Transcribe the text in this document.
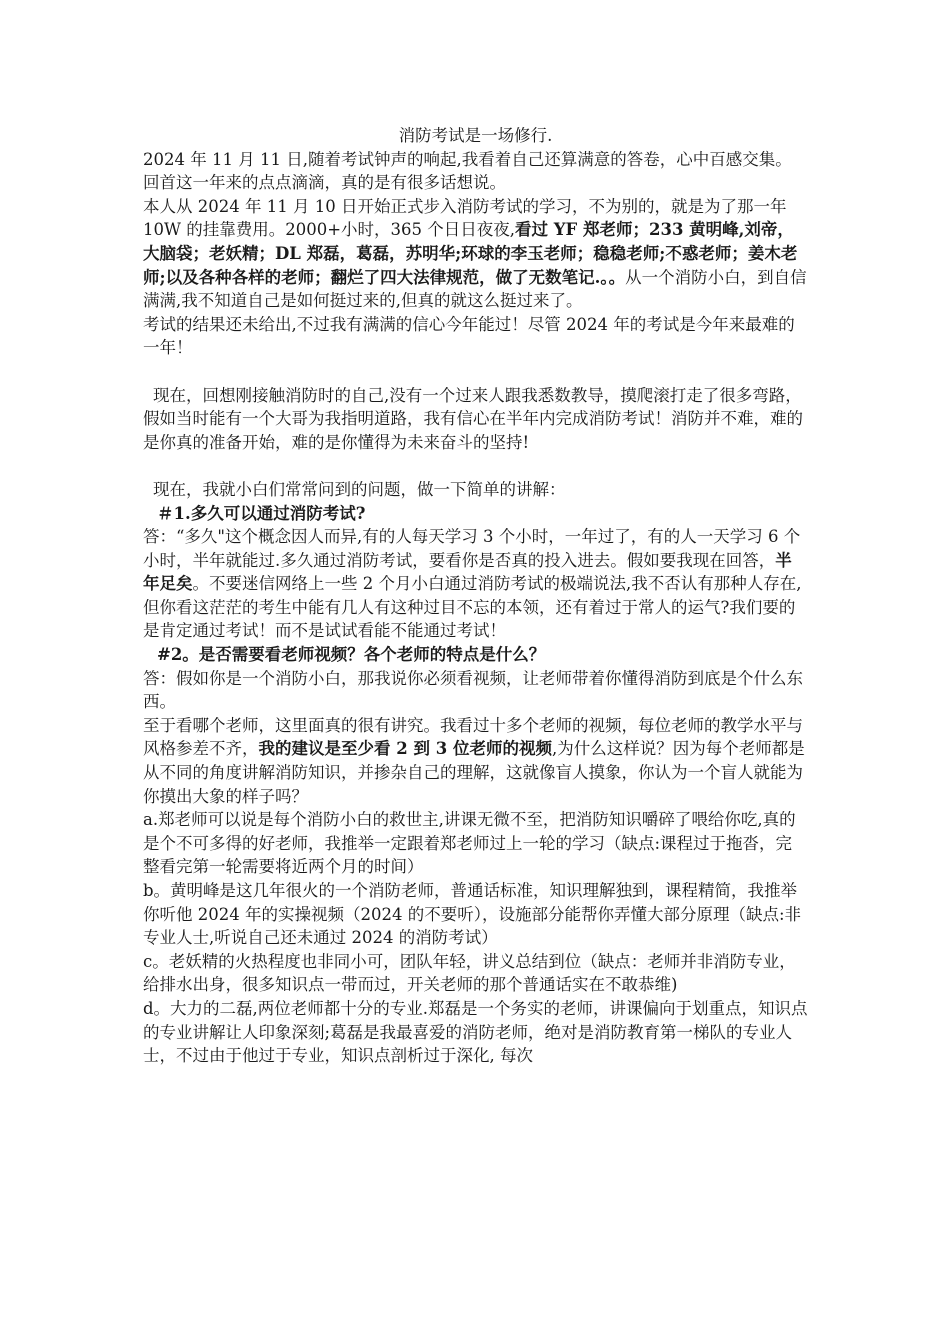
消防考试是一场修行.

2024 年 11 月 11 日,随着考试钟声的响起,我看着自己还算满意的答卷，心中百感交集。回首这一年来的点点滴滴，真的是有很多话想说。

本人从 2024 年 11 月 10 日开始正式步入消防考试的学习，不为别的，就是为了那一年 10W 的挂靠费用。2000+小时，365 个日日夜夜,看过 YF 郑老师；233 黄明峰,刘帝，大脑袋；老妖精；DL 郑磊，葛磊，苏明华;环球的李玉老师；稳稳老师;不惑老师；姜木老师;以及各种各样的老师；翻烂了四大法律规范，做了无数笔记.。。从一个消防小白，到自信满满,我不知道自己是如何挺过来的,但真的就这么挺过来了。

考试的结果还未给出,不过我有满满的信心今年能过！尽管 2024 年的考试是今年来最难的一年！

现在，回想刚接触消防时的自己,没有一个过来人跟我悉数教导，摸爬滚打走了很多弯路，假如当时能有一个大哥为我指明道路，我有信心在半年内完成消防考试！消防并不难，难的是你真的准备开始，难的是你懂得为未来奋斗的坚持!

现在，我就小白们常常问到的问题，做一下简单的讲解：

＃1.多久可以通过消防考试?

答：“多久"这个概念因人而异,有的人每天学习 3 个小时，一年过了，有的人一天学习 6 个小时，半年就能过.多久通过消防考试，要看你是否真的投入进去。假如要我现在回答，半年足矣。不要迷信网络上一些 2 个月小白通过消防考试的极端说法,我不否认有那种人存在,但你看这茫茫的考生中能有几人有这种过目不忘的本领，还有着过于常人的运气?我们要的是肯定通过考试！而不是试试看能不能通过考试！

#2。是否需要看老师视频？各个老师的特点是什么？

答：假如你是一个消防小白，那我说你必须看视频，让老师带着你懂得消防到底是个什么东西。

至于看哪个老师，这里面真的很有讲究。我看过十多个老师的视频，每位老师的教学水平与风格参差不齐，我的建议是至少看 2 到 3 位老师的视频,为什么这样说？因为每个老师都是从不同的角度讲解消防知识，并掺杂自己的理解，这就像盲人摸象，你认为一个盲人就能为你摸出大象的样子吗？

a.郑老师可以说是每个消防小白的救世主,讲课无微不至，把消防知识嚼碎了喂给你吃,真的是个不可多得的好老师，我推举一定跟着郑老师过上一轮的学习（缺点:课程过于拖沓，完整看完第一轮需要将近两个月的时间）

b。黄明峰是这几年很火的一个消防老师，普通话标准，知识理解独到，课程精简，我推举你听他 2024 年的实操视频（2024 的不要听），设施部分能帮你弄懂大部分原理（缺点:非专业人士,听说自己还未通过 2024 的消防考试）

c。老妖精的火热程度也非同小可，团队年轻，讲义总结到位（缺点：老师并非消防专业，给排水出身，很多知识点一带而过，开关老师的那个普通话实在不敢恭维)

d。大力的二磊,两位老师都十分的专业.郑磊是一个务实的老师，讲课偏向于划重点，知识点的专业讲解让人印象深刻;葛磊是我最喜爱的消防老师，绝对是消防教育第一梯队的专业人士，不过由于他过于专业，知识点剖析过于深化, 每次
